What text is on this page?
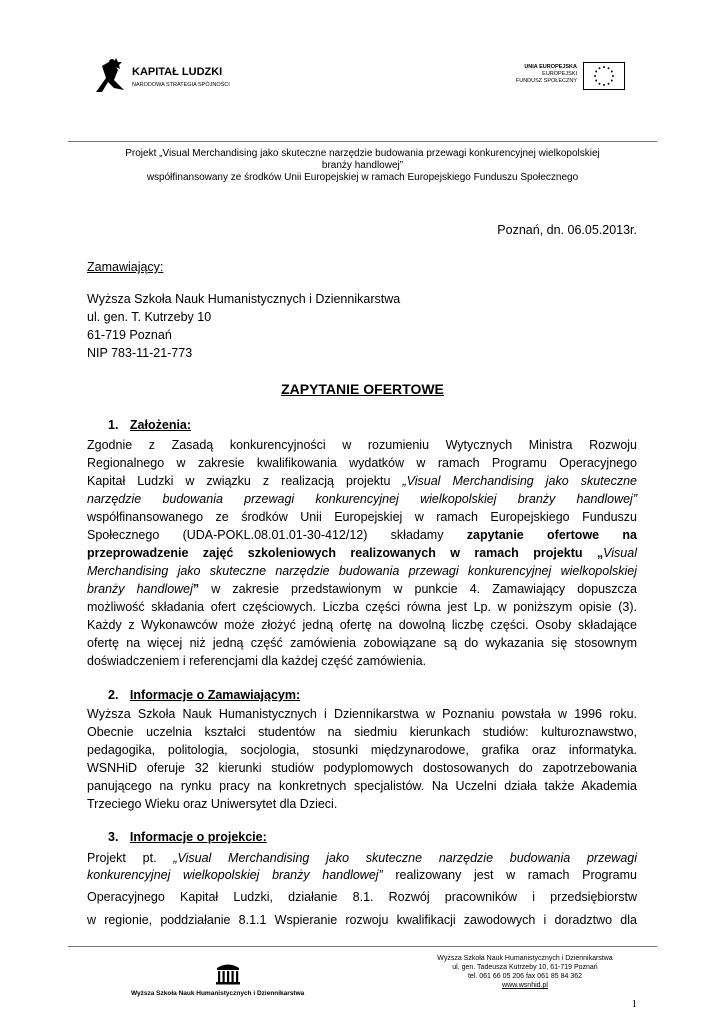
KAPITAŁ LUDZKI
NARODOWA STRATEGIA SPÓJNOŚCI
UNIA EUROPEJSKA
EUROPEJSKI
FUNDUSZ SPOŁECZNY
Projekt „Visual Merchandising jako skuteczne narzędzie budowania przewagi konkurencyjnej wielkopolskiej
branży handlowej”
współfinansowany ze środków Unii Europejskiej w ramach Europejskiego Funduszu Społecznego
Poznań, dn. 06.05.2013r.
Zamawiający:
Wyższa Szkoła Nauk Humanistycznych i Dziennikarstwa
ul. gen. T. Kutrzeby 10
61-719 Poznań
NIP 783-11-21-773
ZAPYTANIE OFERTOWE
1. Założenia:
Zgodnie z Zasadą konkurencyjności w rozumieniu Wytycznych Ministra Rozwoju
Regionalnego w zakresie kwalifikowania wydatków w ramach Programu Operacyjnego
Kapitał Ludzki w związku z realizacją projektu „Visual Merchandising jako skuteczne
narzędzie budowania przewagi konkurencyjnej wielkopolskiej branży handlowej”
współfinansowanego ze środków Unii Europejskiej w ramach Europejskiego Funduszu
Społecznego (UDA-POKL.08.01.01-30-412/12) składamy zapytanie ofertowe na
przeprowadzenie zajęć szkoleniowych realizowanych w ramach projektu „Visual
Merchandising jako skuteczne narzędzie budowania przewagi konkurencyjnej wielkopolskiej
branży handlowej” w zakresie przedstawionym w punkcie 4. Zamawiający dopuszcza
możliwość składania ofert częściowych. Liczba części równa jest Lp. w poniższym opisie (3).
Każdy z Wykonawców może złożyć jedną ofertę na dowolną liczbę części. Osoby składające
ofertę na więcej niż jedną część zamówienia zobowiązane są do wykazania się stosownym
doświadczeniem i referencjami dla każdej część zamówienia.
2. Informacje o Zamawiającym:
Wyższa Szkoła Nauk Humanistycznych i Dziennikarstwa w Poznaniu powstała w 1996 roku.
Obecnie uczelnia kształci studentów na siedmiu kierunkach studiów: kulturoznawstwo,
pedagogika, politologia, socjologia, stosunki międzynarodowe, grafika oraz informatyka.
WSNHiD oferuje 32 kierunki studiów podyplomowych dostosowanych do zapotrzebowania
panującego na rynku pracy na konkretnych specjalistów. Na Uczelni działa także Akademia
Trzeciego Wieku oraz Uniwersytet dla Dzieci.
3. Informacje o projekcie:
Projekt pt. „Visual Merchandising jako skuteczne narzędzie budowania przewagi
konkurencyjnej wielkopolskiej branży handlowej” realizowany jest w ramach Programu
Operacyjnego Kapitał Ludzki, działanie 8.1. Rozwój pracowników i przedsiębiorstw
w regionie, poddziałanie 8.1.1 Wspieranie rozwoju kwalifikacji zawodowych i doradztwo dla
Wyższa Szkoła Nauk Humanistycznych i Dziennikarstwa
Wyższa Szkoła Nauk Humanistycznych i Dziennikarstwa
ul. gen. Tadeusza Kutrzeby 10, 61-719 Poznań
tel. 061 66 05 206 fax 061 85 84 362
www.wsnhid.pl
1
